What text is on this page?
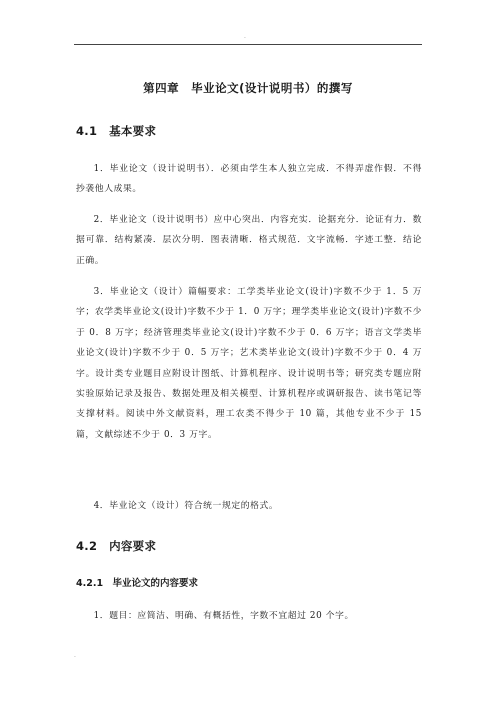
.
第四章　毕业论文(设计说明书）的撰写
4.1　基本要求
1．毕业论文（设计说明书）．必须由学生本人独立完成．不得弄虚作假．不得抄袭他人成果。
2．毕业论文（设计说明书）应中心突出．内容充实．论据充分．论证有力．数据可靠．结构紧凑．层次分明．图表清晰．格式规范．文字流畅．字迹工整．结论正确。
3．毕业论文（设计）篇幅要求：工学类毕业论文(设计)字数不少于 1．5 万字；农学类毕业论文(设计)字数不少于 1．0 万字；理学类毕业论文(设计)字数不少于 0．8 万字；经济管理类毕业论文(设计)字数不少于 0．6 万字；语言文学类毕业论文(设计)字数不少于 0．5 万字；艺术类毕业论文(设计)字数不少于 0．4 万字。设计类专业题目应附设计图纸、计算机程序、设计说明书等；研究类专题应附实验原始记录及报告、数据处理及相关模型、计算机程序或调研报告、读书笔记等支撑材料。阅读中外文献资料，理工农类不得少于 10 篇，其他专业不少于 15 篇，文献综述不少于 0．3 万字。
4．毕业论文（设计）符合统一规定的格式。
4.2　内容要求
4.2.1　毕业论文的内容要求
1．题目：应简洁、明确、有概括性，字数不宜超过 20 个字。
.
